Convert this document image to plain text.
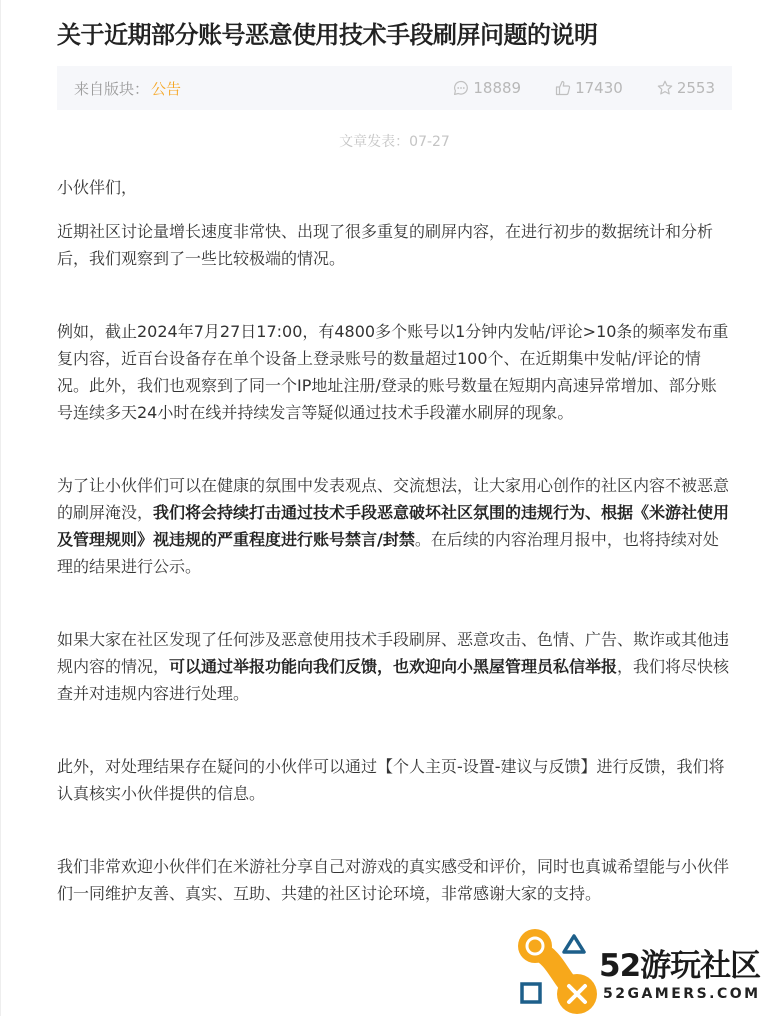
关于近期部分账号恶意使用技术手段刷屏问题的说明
来自版块： 公告	18889	17430	2553
文章发表：07-27

小伙伴们，

近期社区讨论量增长速度非常快、出现了很多重复的刷屏内容，在进行初步的数据统计和分析后，我们观察到了一些比较极端的情况。

例如，截止2024年7月27日17:00，有4800多个账号以1分钟内发帖/评论>10条的频率发布重复内容，近百台设备存在单个设备上登录账号的数量超过100个、在近期集中发帖/评论的情况。此外，我们也观察到了同一个IP地址注册/登录的账号数量在短期内高速异常增加、部分账号连续多天24小时在线并持续发言等疑似通过技术手段灌水刷屏的现象。

为了让小伙伴们可以在健康的氛围中发表观点、交流想法，让大家用心创作的社区内容不被恶意的刷屏淹没，我们将会持续打击通过技术手段恶意破坏社区氛围的违规行为、根据《米游社使用及管理规则》视违规的严重程度进行账号禁言/封禁。在后续的内容治理月报中，也将持续对处理的结果进行公示。

如果大家在社区发现了任何涉及恶意使用技术手段刷屏、恶意攻击、色情、广告、欺诈或其他违规内容的情况，可以通过举报功能向我们反馈，也欢迎向小黑屋管理员私信举报，我们将尽快核查并对违规内容进行处理。

此外，对处理结果存在疑问的小伙伴可以通过【个人主页-设置-建议与反馈】进行反馈，我们将认真核实小伙伴提供的信息。

我们非常欢迎小伙伴们在米游社分享自己对游戏的真实感受和评价，同时也真诚希望能与小伙伴们一同维护友善、真实、互助、共建的社区讨论环境，非常感谢大家的支持。

52游玩社区
52GAMERS.COM
